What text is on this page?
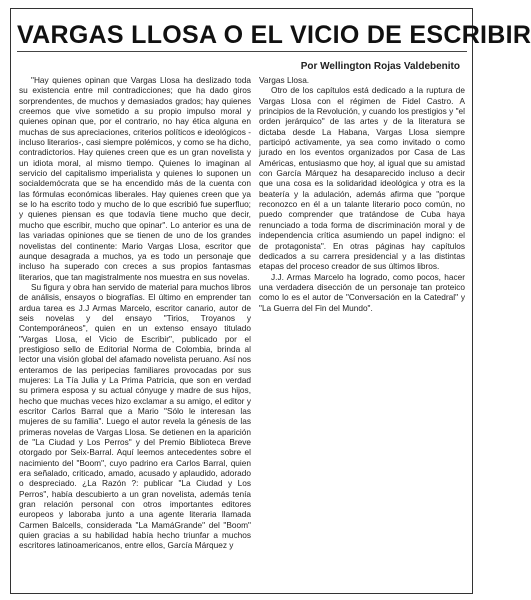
VARGAS LLOSA O EL VICIO DE ESCRIBIR
Por Wellington Rojas Valdebenito

"Hay quienes opinan que Vargas Llosa ha deslizado toda su existencia entre mil contradicciones; que ha dado giros sorprendentes, de muchos y demasiados grados; hay quienes creemos que vive sometido a su propio impulso moral y quienes opinan que, por el contrario, no hay ética alguna en muchas de sus apreciaciones, criterios políticos e ideológicos - incluso literarios-, casi siempre polémicos, y como se ha dicho, contradictorios. Hay quienes creen que es un gran novelista y un idiota moral, al mismo tiempo. Quienes lo imaginan al servicio del capitalismo imperialista y quienes lo suponen un socialdemócrata que se ha encendido más de la cuenta con las fórmulas económicas liberales. Hay quienes creen que ya se lo ha escrito todo y mucho de lo que escribió fue superfluo; y quienes piensan es que todavía tiene mucho que decir, mucho que escribir, mucho que opinar". Lo anterior es una de las variadas opiniones que se tienen de uno de los grandes novelistas del continente: Mario Vargas Llosa, escritor que aunque desagrada a muchos, ya es todo un personaje que incluso ha superado con creces a sus propios fantasmas literarios, que tan magistralmente nos muestra en sus novelas.

Su figura y obra han servido de material para muchos libros de análisis, ensayos o biografías. El último en emprender tan ardua tarea es J.J Armas Marcelo, escritor canario, autor de seis novelas y del ensayo "Tirios, Troyanos y Contemporáneos", quien en un extenso ensayo titulado "Vargas Llosa, el Vicio de Escribir", publicado por el prestigioso sello de Editorial Norma de Colombia, brinda al lector una visión global del afamado novelista peruano. Así nos enteramos de las peripecias familiares provocadas por sus mujeres: La Tía Julia y La Prima Patricia, que son en verdad su primera esposa y su actual cónyuge y madre de sus hijos, hecho que muchas veces hizo exclamar a su amigo, el editor y escritor Carlos Barral que a Mario "Sólo le interesan las mujeres de su familia". Luego el autor revela la génesis de las primeras novelas de Vargas Llosa. Se detienen en la aparición de "La Ciudad y Los Perros" y del Premio Biblioteca Breve otorgado por Seix-Barral. Aquí leemos antecedentes sobre el nacimiento del "Boom", cuyo padrino era Carlos Barral, quien era señalado, criticado, amado, acusado y aplaudido, adorado o despreciado. ¿La Razón ?: publicar "La Ciudad y Los Perros", había descubierto a un gran novelista, además tenía gran relación personal con otros importantes editores europeos y laboraba junto a una agente literaria llamada Carmen Balcells, considerada "La MamáGrande" del "Boom" quien gracias a su habilidad había hecho triunfar a muchos escritores latinoamericanos, entre ellos, García Márquez y

Vargas Llosa.

Otro de los capítulos está dedicado a la ruptura de Vargas Llosa con el régimen de Fidel Castro. A principios de la Revolución, y cuando los prestigios y "el orden jerárquico" de las artes y de la literatura se dictaba desde La Habana, Vargas Llosa siempre participó activamente, ya sea como invitado o como jurado en los eventos organizados por Casa de Las Américas, entusiasmo que hoy, al igual que su amistad con García Márquez ha desaparecido incluso a decir que una cosa es la solidaridad ideológica y otra es la beatería y la adulación, además afirma que "porque reconozco en él a un talante literario poco común, no puedo comprender que tratándose de Cuba haya renunciado a toda forma de discriminación moral y de independencia crítica asumiendo un papel indigno: el de protagonista". En otras páginas hay capítulos dedicados a su carrera presidencial y a las distintas etapas del proceso creador de sus últimos libros.

J.J. Armas Marcelo ha logrado, como pocos, hacer una verdadera disección de un personaje tan proteico como lo es el autor de "Conversación en la Catedral" y "La Guerra del Fin del Mundo".
